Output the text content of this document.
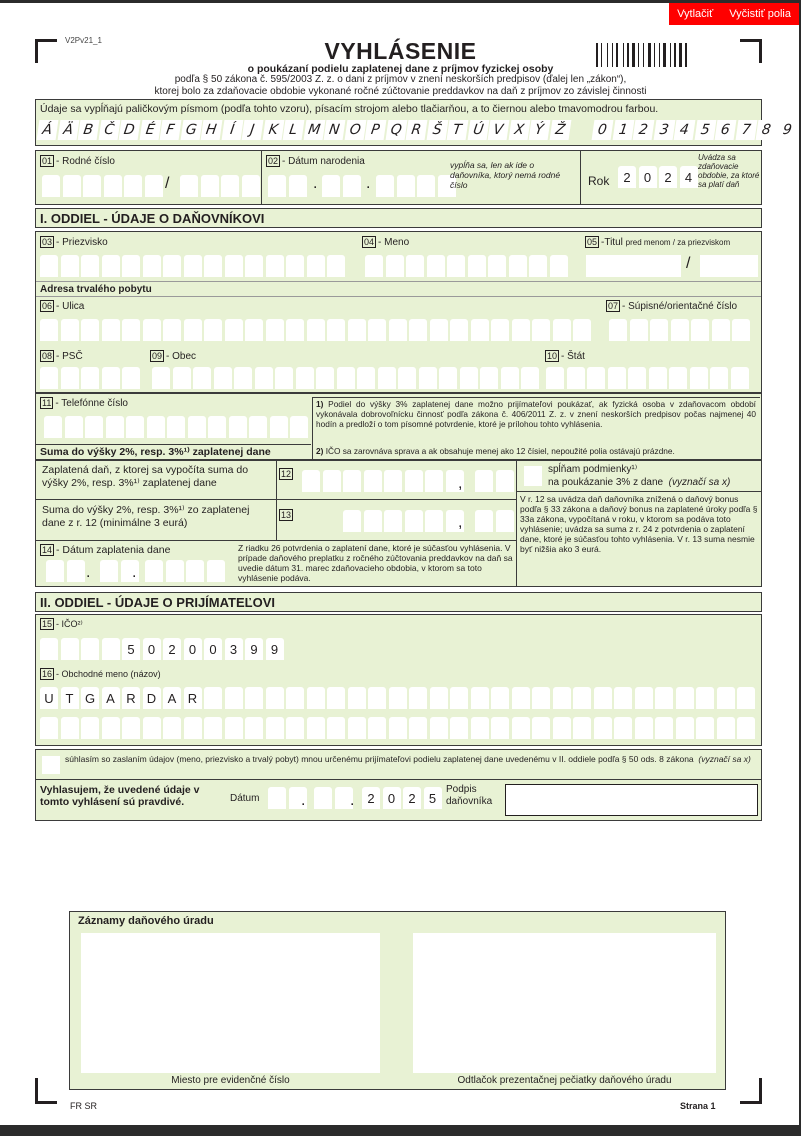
Vytlačiť	Vyčistiť polia
V2Pv21_1	VYHLÁSENIE
o poukázaní podielu zaplatenej dane z príjmov fyzickej osoby
podľa § 50 zákona č. 595/2003 Z. z. o dani z príjmov v znení neskorších predpisov (ďalej len „zákon“),
ktorej bolo za zdaňovacie obdobie vykonané ročné zúčtovanie preddavkov na daň z príjmov zo závislej činnosti
Údaje sa vypĺňajú paličkovým písmom (podľa tohto vzoru), písacím strojom alebo tlačiarňou, a to čiernou alebo tmavomodrou farbou.
Á Ä B Č D É F G H Í	J K L M N O P Q R Š T Ú V X Ý Ž	0 1 2 3 4 5 6 7 8 9
01 - Rodné číslo
/
02 - Dátum narodenia
.	.
vypĺňa sa, len ak ide o daňovníka, ktorý nemá rodné číslo	Rok	2	0	2	4
Uvádza sa zdaňovacie obdobie, za ktoré sa platí daň
I. ODDIEL - ÚDAJE O DAŇOVNÍKOVI
03 - Priezvisko	04 - Meno	05 -Titul pred menom / za priezviskom
/
Adresa trvalého pobytu
06 - Ulica	07 - Súpisné/orientačné číslo
08 - PSČ	09 - Obec	10 - Štát
11 - Telefónne číslo
Suma do výšky 2%, resp. 3%¹⁾ zaplatenej dane
1) Podiel do výšky 3% zaplatenej dane možno prijímateľovi poukázať, ak fyzická osoba v zdaňovacom období vykonávala dobrovoľnícku činnosť podľa zákona č. 406/2011 Z. z. v znení neskorších predpisov počas najmenej 40 hodín a predloží o tom písomné potvrdenie, ktoré je prílohou tohto vyhlásenia.
2) IČO sa zarovnáva sprava a ak obsahuje menej ako 12 čísiel, nepoužité polia ostávajú prázdne.
Zaplatená daň, z ktorej sa vypočíta suma do výšky 2%, resp. 3%¹⁾ zaplatenej dane
12
,
Suma do výšky 2%, resp. 3%¹⁾ zo zaplatenej dane z r. 12 (minimálne 3 eurá)
13	,
14 - Dátum zaplatenia dane
.	.
Z riadku 26 potvrdenia o zaplatení dane, ktoré je súčasťou vyhlásenia. V prípade daňového preplatku z ročného zúčtovania preddavkov na daň sa uvedie dátum 31. marec zdaňovacieho obdobia, v ktorom sa toto vyhlásenie podáva.
spĺňam podmienky¹⁾
na poukázanie 3% z dane (vyznačí sa x)
V r. 12 sa uvádza daň daňovníka znížená o daňový bonus podľa § 33 zákona a daňový bonus na zaplatené úroky podľa § 33a zákona, vypočítaná v roku, v ktorom sa podáva toto vyhlásenie; uvádza sa suma z r. 24 z potvrdenia o zaplatení dane, ktoré je súčasťou tohto vyhlásenia. V r. 13 suma nesmie byť nižšia ako 3 eurá.
II. ODDIEL - ÚDAJE O PRIJÍMATEĽOVI
15 - IČO²⁾
5	0	2	0	0	3	9	9
16 - Obchodné meno (názov)
U T G A R D A R
súhlasím so zaslaním údajov (meno, priezvisko a trvalý pobyt) mnou určenému prijímateľovi podielu zaplatenej dane uvedenému v II. oddiele podľa § 50 ods. 8 zákona (vyznačí sa x)
Vyhlasujem, že uvedené údaje v tomto vyhlásení sú pravdivé.	Dátum	.	. 2	0	2	5
Podpis daňovníka
Záznamy daňového úradu
Miesto pre evidenčné číslo	Odtlačok prezentačnej pečiatky daňového úradu
FR SR	Strana 1
